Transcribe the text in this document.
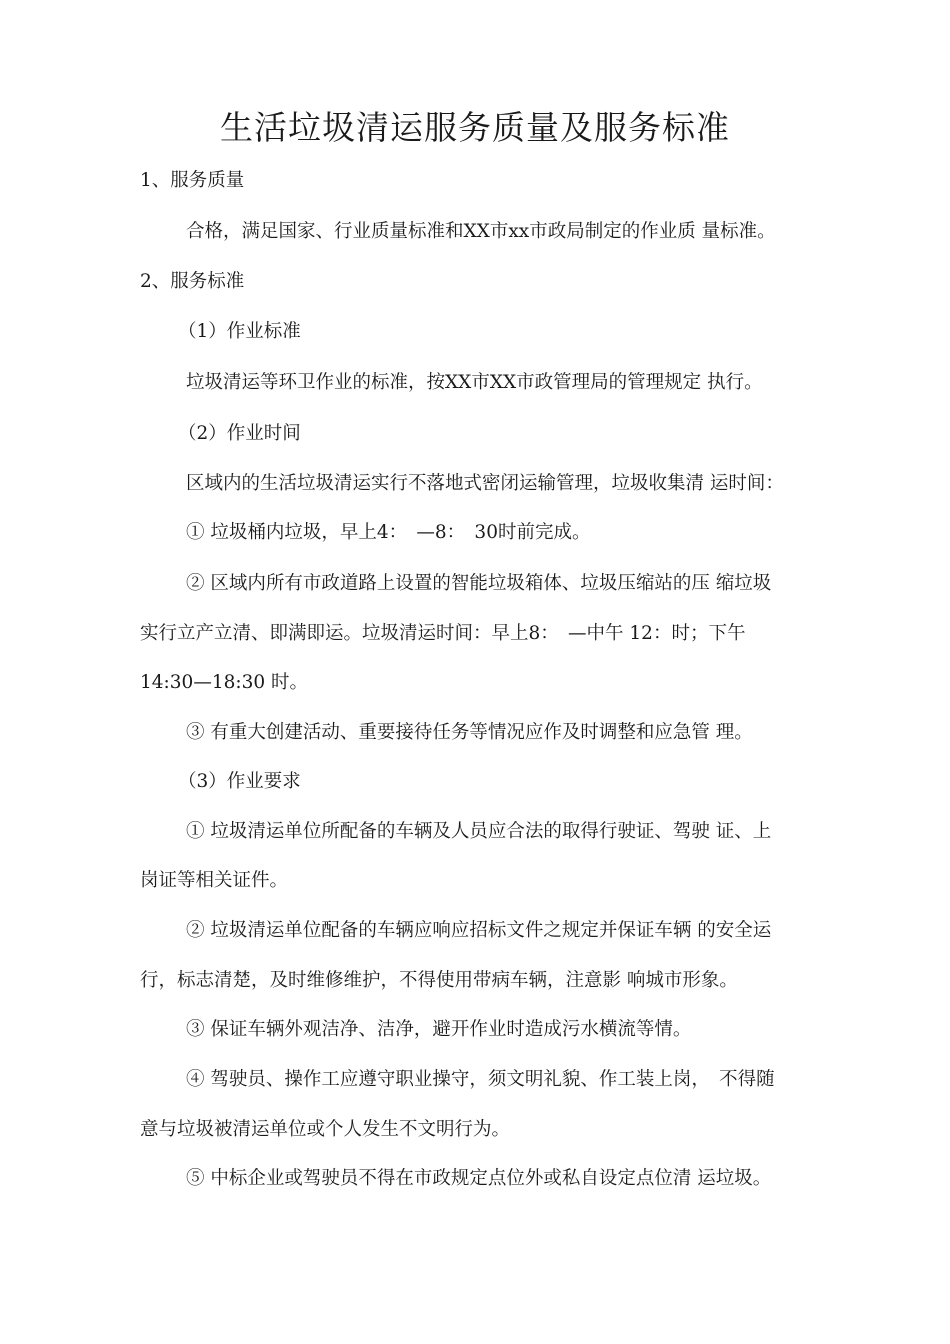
生活垃圾清运服务质量及服务标准
1、服务质量
合格，满足国家、行业质量标准和XX市xx市政局制定的作业质 量标准。
2、服务标准
（1）作业标准
垃圾清运等环卫作业的标准，按XX市XX市政管理局的管理规定 执行。
（2）作业时间
区域内的生活垃圾清运实行不落地式密闭运输管理，垃圾收集清 运时间：
① 垃圾桶内垃圾，早上4：　—8：　30时前完成。
② 区域内所有市政道路上设置的智能垃圾箱体、垃圾压缩站的压 缩垃圾
实行立产立清、即满即运。垃圾清运时间：早上8：　—中午 12：时；下午
14:30—18:30 时。
③ 有重大创建活动、重要接待任务等情况应作及时调整和应急管 理。
（3）作业要求
① 垃圾清运单位所配备的车辆及人员应合法的取得行驶证、驾驶 证、上
岗证等相关证件。
② 垃圾清运单位配备的车辆应响应招标文件之规定并保证车辆 的安全运
行，标志清楚，及时维修维护，不得使用带病车辆，注意影 响城市形象。
③ 保证车辆外观洁净、洁净，避开作业时造成污水横流等情。
④ 驾驶员、操作工应遵守职业操守，须文明礼貌、作工装上岗，　不得随
意与垃圾被清运单位或个人发生不文明行为。
⑤ 中标企业或驾驶员不得在市政规定点位外或私自设定点位清 运垃圾。
